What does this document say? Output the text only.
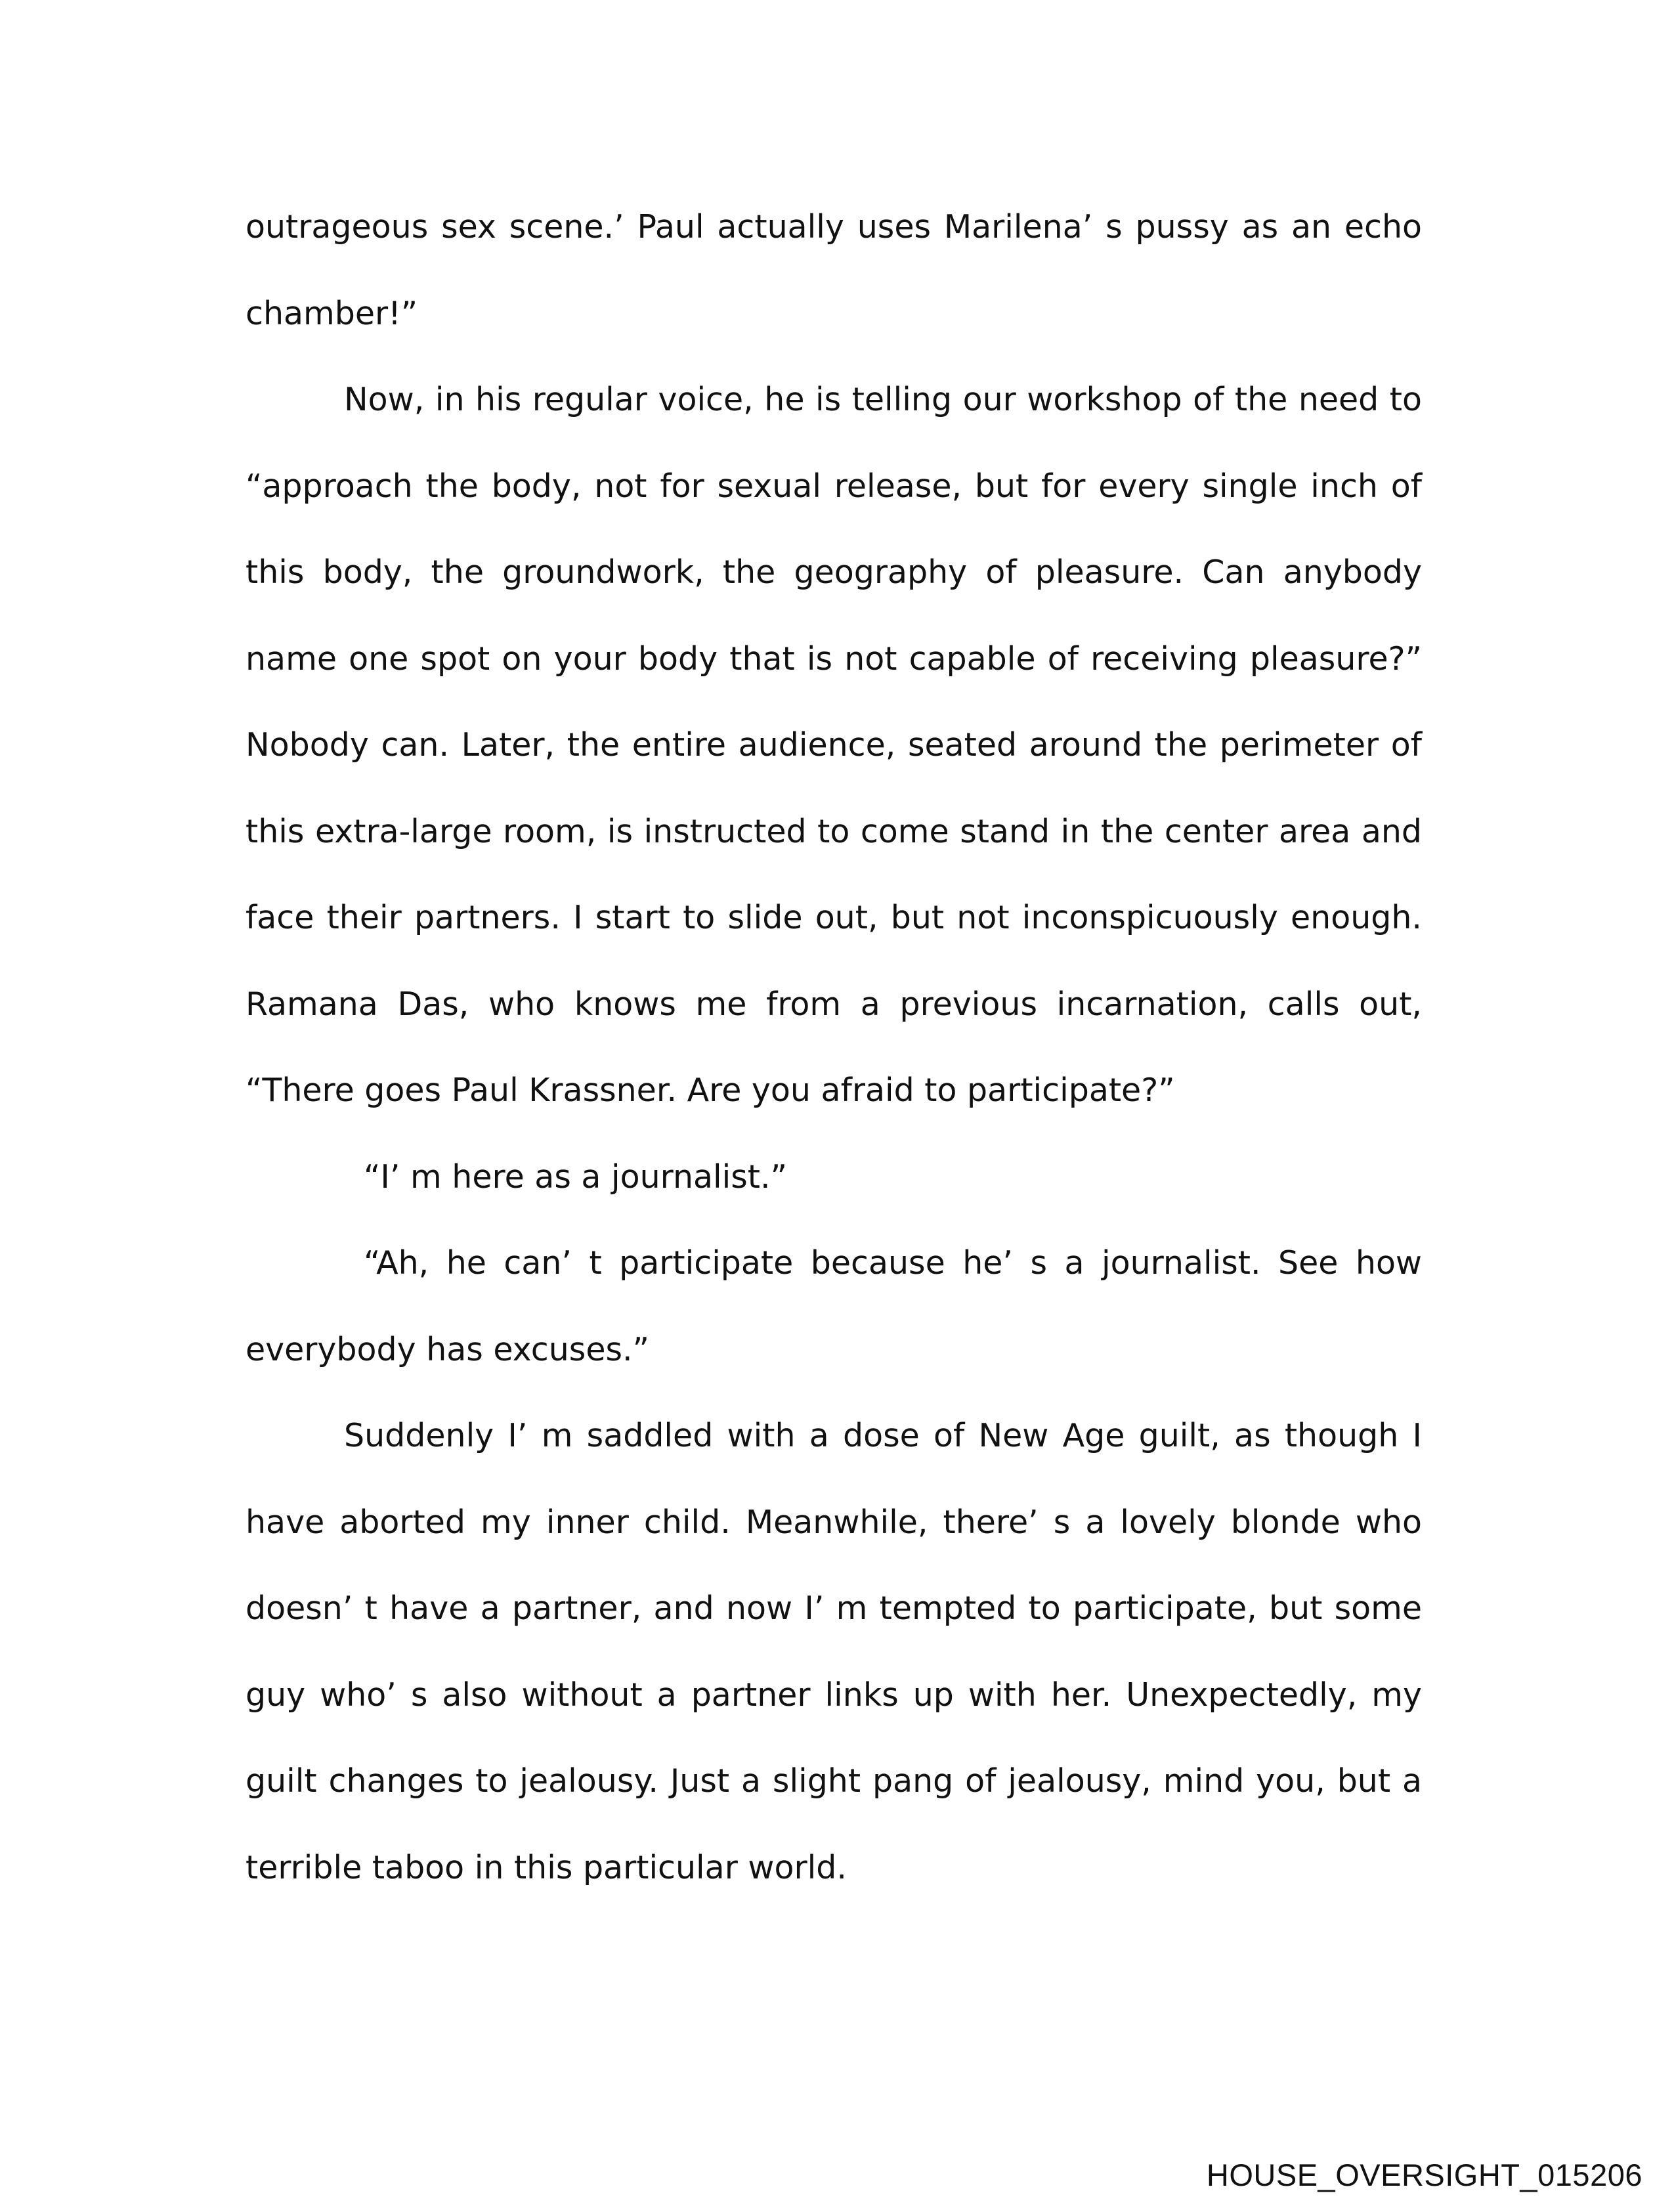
outrageous sex scene.’ Paul actually uses Marilena’ s pussy as an echo chamber!”

Now, in his regular voice, he is telling our workshop of the need to “approach the body, not for sexual release, but for every single inch of this body, the groundwork, the geography of pleasure. Can anybody name one spot on your body that is not capable of receiving pleasure?” Nobody can. Later, the entire audience, seated around the perimeter of this extra-large room, is instructed to come stand in the center area and face their partners. I start to slide out, but not inconspicuously enough. Ramana Das, who knows me from a previous incarnation, calls out, “There goes Paul Krassner. Are you afraid to participate?”

“I’ m here as a journalist.”

“Ah, he can’ t participate because he’ s a journalist. See how everybody has excuses.”

Suddenly I’ m saddled with a dose of New Age guilt, as though I have aborted my inner child. Meanwhile, there’ s a lovely blonde who doesn’ t have a partner, and now I’ m tempted to participate, but some guy who’ s also without a partner links up with her. Unexpectedly, my guilt changes to jealousy. Just a slight pang of jealousy, mind you, but a terrible taboo in this particular world.

HOUSE_OVERSIGHT_015206
